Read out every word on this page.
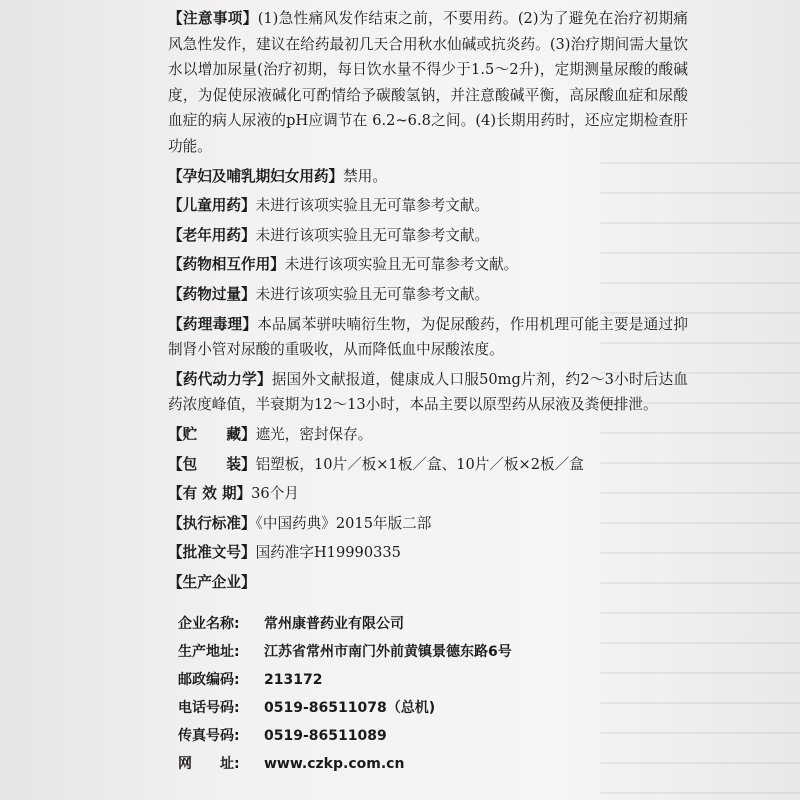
【注意事项】(1)急性痛风发作结束之前，不要用药。(2)为了避免在治疗初期痛风急性发作，建议在给药最初几天合用秋水仙碱或抗炎药。(3)治疗期间需大量饮水以增加尿量(治疗初期，每日饮水量不得少于1.5～2升)，定期测量尿酸的酸碱度，为促使尿液碱化可酌情给予碳酸氢钠，并注意酸碱平衡，高尿酸血症和尿酸血症的病人尿液的pH应调节在 6.2~6.8之间。(4)长期用药时，还应定期检查肝功能。

【孕妇及哺乳期妇女用药】禁用。

【儿童用药】未进行该项实验且无可靠参考文献。

【老年用药】未进行该项实验且无可靠参考文献。

【药物相互作用】未进行该项实验且无可靠参考文献。

【药物过量】未进行该项实验且无可靠参考文献。

【药理毒理】本品属苯骈呋喃衍生物，为促尿酸药，作用机理可能主要是通过抑制肾小管对尿酸的重吸收，从而降低血中尿酸浓度。

【药代动力学】据国外文献报道，健康成人口服50mg片剂，约2～3小时后达血药浓度峰值，半衰期为12～13小时，本品主要以原型药从尿液及粪便排泄。

【贮　　藏】遮光，密封保存。

【包　　装】铝塑板，10片／板×1板／盒、10片／板×2板／盒

【有 效 期】36个月

【执行标准】《中国药典》2015年版二部

【批准文号】国药准字H19990335

【生产企业】

企业名称: 常州康普药业有限公司
生产地址: 江苏省常州市南门外前黄镇景德东路6号
邮政编码: 213172
电话号码: 0519-86511078（总机)
传真号码: 0519-86511089
网　　址: www.czkp.com.cn
